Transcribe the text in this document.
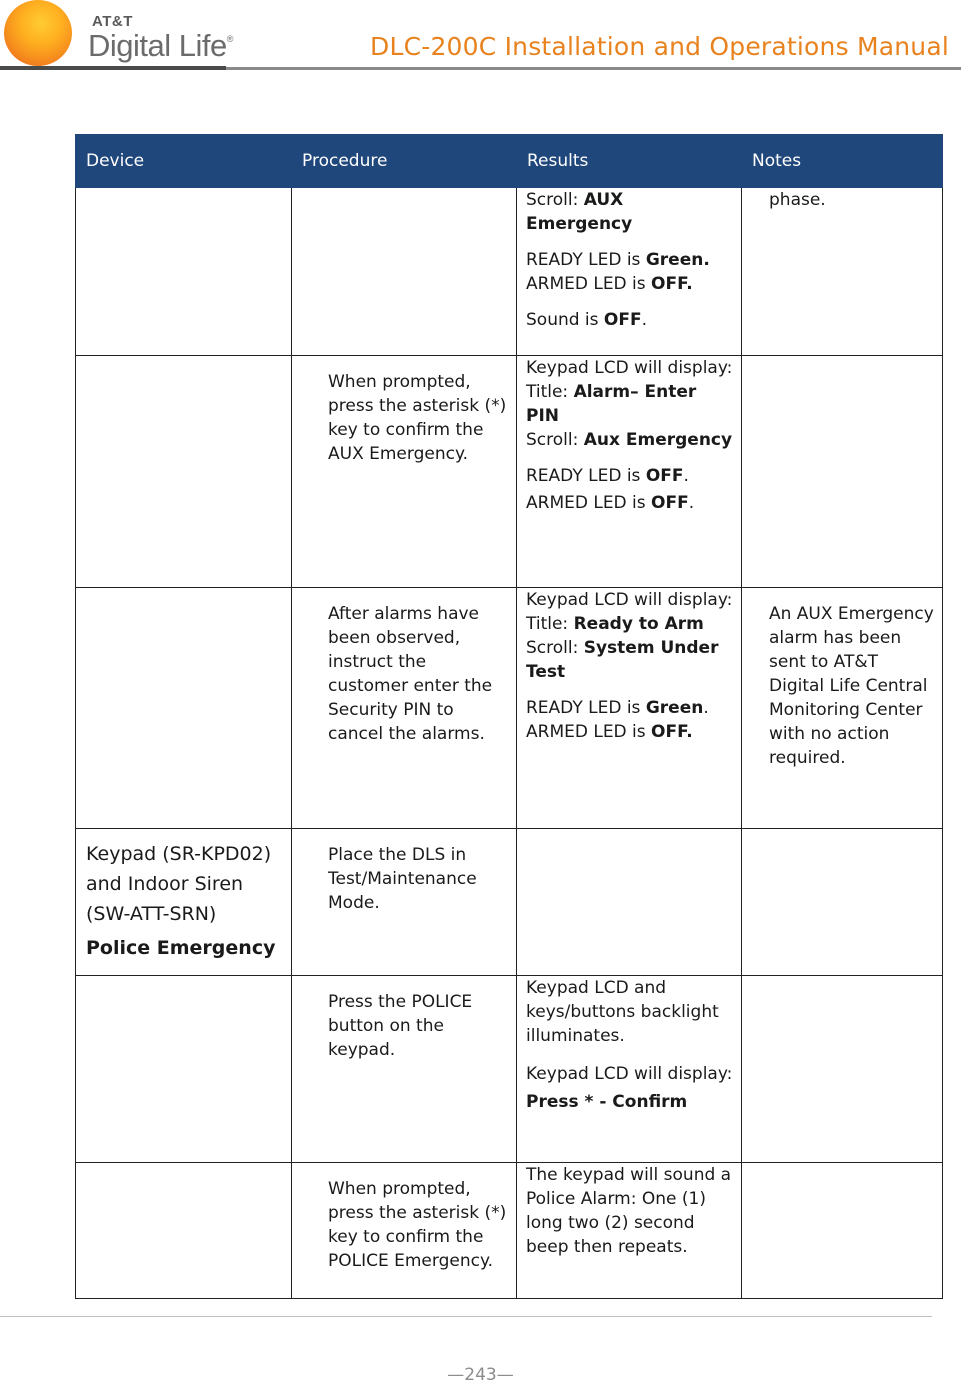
AT&T
Digital Life®	DLC-200C Installation and Operations Manual
Device	Procedure	Results	Notes

		Scroll: AUX Emergency

READY LED is Green.

ARMED LED is OFF.

Sound is OFF.	phase.

	When prompted, press the asterisk (*) key to confirm the AUX Emergency.	Keypad LCD will display:

Title: Alarm– Enter PIN

Scroll: Aux Emergency

READY LED is OFF.

ARMED LED is OFF.	

	After alarms have been observed, instruct the customer enter the Security PIN to cancel the alarms.	Keypad LCD will display: Title: Ready to Arm

Scroll: System Under Test

READY LED is Green.

ARMED LED is OFF.	An AUX Emergency alarm has been sent to AT&T Digital Life Central Monitoring Center with no action required.

Keypad (SR-KPD02) and Indoor Siren (SW-ATT-SRN)

Police Emergency	Place the DLS in Test/Maintenance Mode.		

	Press the POLICE button on the keypad.	Keypad LCD and keys/buttons backlight illuminates.

Keypad LCD will display: Press * - Confirm	

	When prompted, press the asterisk (*) key to confirm the POLICE Emergency.	The keypad will sound a Police Alarm: One (1) long two (2) second beep then repeats.	

—243—
